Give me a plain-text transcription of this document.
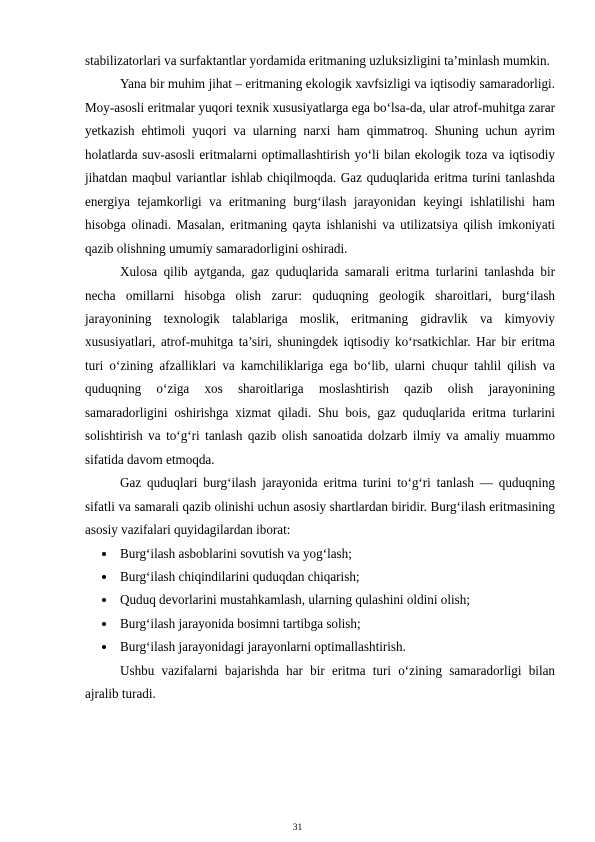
stabilizatorlari va surfaktantlar yordamida eritmaning uzluksizligini ta’minlash mumkin.

Yana bir muhim jihat – eritmaning ekologik xavfsizligi va iqtisodiy samaradorligi. Moy-asosli eritmalar yuqori texnik xususiyatlarga ega bo‘lsa-da, ular atrof-muhitga zarar yetkazish ehtimoli yuqori va ularning narxi ham qimmatroq. Shuning uchun ayrim holatlarda suv-asosli eritmalarni optimallashtirish yo‘li bilan ekologik toza va iqtisodiy jihatdan maqbul variantlar ishlab chiqilmoqda. Gaz quduqlarida eritma turini tanlashda energiya tejamkorligi va eritmaning burg‘ilash jarayonidan keyingi ishlatilishi ham hisobga olinadi. Masalan, eritmaning qayta ishlanishi va utilizatsiya qilish imkoniyati qazib olishning umumiy samaradorligini oshiradi.

Xulosa qilib aytganda, gaz quduqlarida samarali eritma turlarini tanlashda bir necha omillarni hisobga olish zarur: quduqning geologik sharoitlari, burg‘ilash jarayonining texnologik talablariga moslik, eritmaning gidravlik va kimyoviy xususiyatlari, atrof-muhitga ta’siri, shuningdek iqtisodiy ko‘rsatkichlar. Har bir eritma turi o‘zining afzalliklari va kamchiliklariga ega bo‘lib, ularni chuqur tahlil qilish va quduqning o‘ziga xos sharoitlariga moslashtirish qazib olish jarayonining samaradorligini oshirishga xizmat qiladi. Shu bois, gaz quduqlarida eritma turlarini solishtirish va to‘g‘ri tanlash qazib olish sanoatida dolzarb ilmiy va amaliy muammo sifatida davom etmoqda.

Gaz quduqlari burg‘ilash jarayonida eritma turini to‘g‘ri tanlash — quduqning sifatli va samarali qazib olinishi uchun asosiy shartlardan biridir. Burg‘ilash eritmasining asosiy vazifalari quyidagilardan iborat:

Burg‘ilash asboblarini sovutish va yog‘lash;
Burg‘ilash chiqindilarini quduqdan chiqarish;
Quduq devorlarini mustahkamlash, ularning qulashini oldini olish;
Burg‘ilash jarayonida bosimni tartibga solish;
Burg‘ilash jarayonidagi jarayonlarni optimallashtirish.

Ushbu vazifalarni bajarishda har bir eritma turi o‘zining samaradorligi bilan ajralib turadi.

31
